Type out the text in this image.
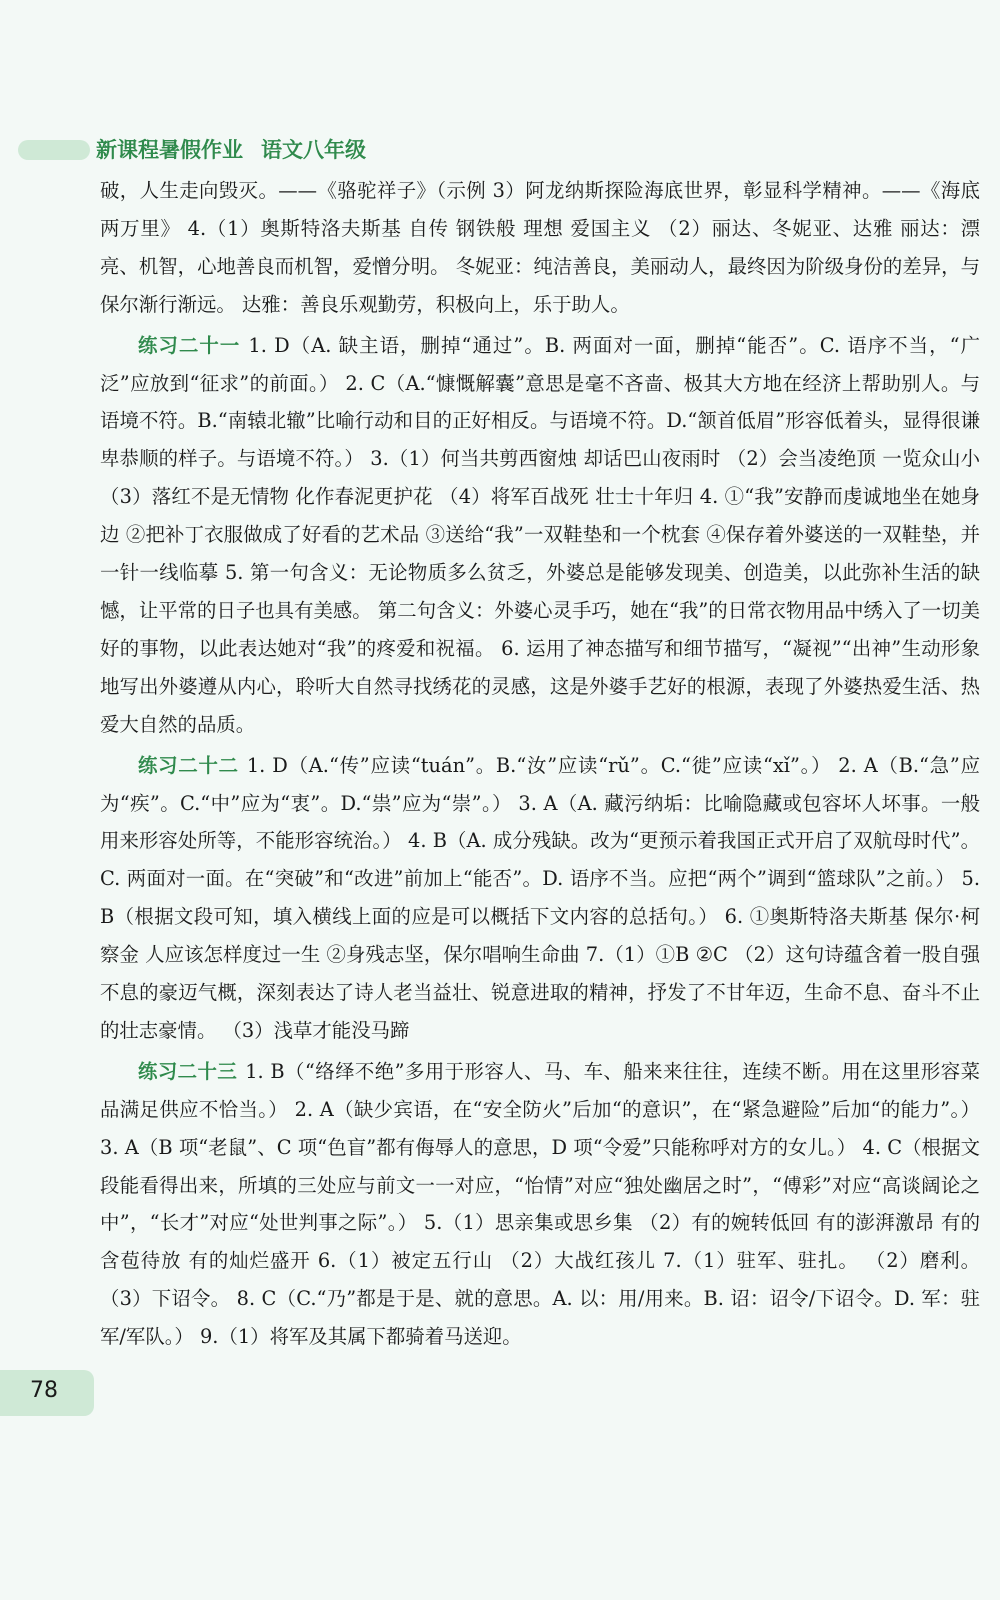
新课程暑假作业 语文八年级

破，人生走向毁灭。——《骆驼祥子》（示例 3）阿龙纳斯探险海底世界，彰显科学精神。——《海底两万里》 4.（1）奥斯特洛夫斯基 自传 钢铁般 理想 爱国主义 （2）丽达、冬妮亚、达雅 丽达：漂亮、机智，心地善良而机智，爱憎分明。 冬妮亚：纯洁善良，美丽动人，最终因为阶级身份的差异，与保尔渐行渐远。 达雅：善良乐观勤劳，积极向上，乐于助人。

练习二十一 1. D（A. 缺主语，删掉“通过”。B. 两面对一面，删掉“能否”。C. 语序不当，“广泛”应放到“征求”的前面。） 2. C（A.“慷慨解囊”意思是毫不吝啬、极其大方地在经济上帮助别人。与语境不符。B.“南辕北辙”比喻行动和目的正好相反。与语境不符。D.“颔首低眉”形容低着头，显得很谦卑恭顺的样子。与语境不符。） 3.（1）何当共剪西窗烛 却话巴山夜雨时 （2）会当凌绝顶 一览众山小 （3）落红不是无情物 化作春泥更护花 （4）将军百战死 壮士十年归 4. ①“我”安静而虔诚地坐在她身边 ②把补丁衣服做成了好看的艺术品 ③送给“我”一双鞋垫和一个枕套 ④保存着外婆送的一双鞋垫，并一针一线临摹 5. 第一句含义：无论物质多么贫乏，外婆总是能够发现美、创造美，以此弥补生活的缺憾，让平常的日子也具有美感。 第二句含义：外婆心灵手巧，她在“我”的日常衣物用品中绣入了一切美好的事物，以此表达她对“我”的疼爱和祝福。 6. 运用了神态描写和细节描写，“凝视”“出神”生动形象地写出外婆遵从内心，聆听大自然寻找绣花的灵感，这是外婆手艺好的根源，表现了外婆热爱生活、热爱大自然的品质。

练习二十二 1. D（A.“传”应读“tuán”。B.“汝”应读“rǔ”。C.“徙”应读“xǐ”。） 2. A（B.“急”应为“疾”。C.“中”应为“衷”。D.“祟”应为“崇”。） 3. A（A. 藏污纳垢：比喻隐藏或包容坏人坏事。一般用来形容处所等，不能形容统治。） 4. B（A. 成分残缺。改为“更预示着我国正式开启了双航母时代”。C. 两面对一面。在“突破”和“改进”前加上“能否”。D. 语序不当。应把“两个”调到“篮球队”之前。） 5. B（根据文段可知，填入横线上面的应是可以概括下文内容的总括句。） 6. ①奥斯特洛夫斯基 保尔·柯察金 人应该怎样度过一生 ②身残志坚，保尔唱响生命曲 7.（1）①B ②C （2）这句诗蕴含着一股自强不息的豪迈气概，深刻表达了诗人老当益壮、锐意进取的精神，抒发了不甘年迈，生命不息、奋斗不止的壮志豪情。 （3）浅草才能没马蹄

练习二十三 1. B（“络绎不绝”多用于形容人、马、车、船来来往往，连续不断。用在这里形容菜品满足供应不恰当。） 2. A（缺少宾语，在“安全防火”后加“的意识”，在“紧急避险”后加“的能力”。） 3. A（B 项“老鼠”、C 项“色盲”都有侮辱人的意思，D 项“令爱”只能称呼对方的女儿。） 4. C（根据文段能看得出来，所填的三处应与前文一一对应，“怡情”对应“独处幽居之时”，“傅彩”对应“高谈阔论之中”，“长才”对应“处世判事之际”。） 5.（1）思亲集或思乡集 （2）有的婉转低回 有的澎湃激昂 有的含苞待放 有的灿烂盛开 6.（1）被定五行山 （2）大战红孩儿 7.（1）驻军、驻扎。 （2）磨利。 （3）下诏令。 8. C（C.“乃”都是于是、就的意思。A. 以：用/用来。B. 诏：诏令/下诏令。D. 军：驻军/军队。） 9.（1）将军及其属下都骑着马送迎。

78
